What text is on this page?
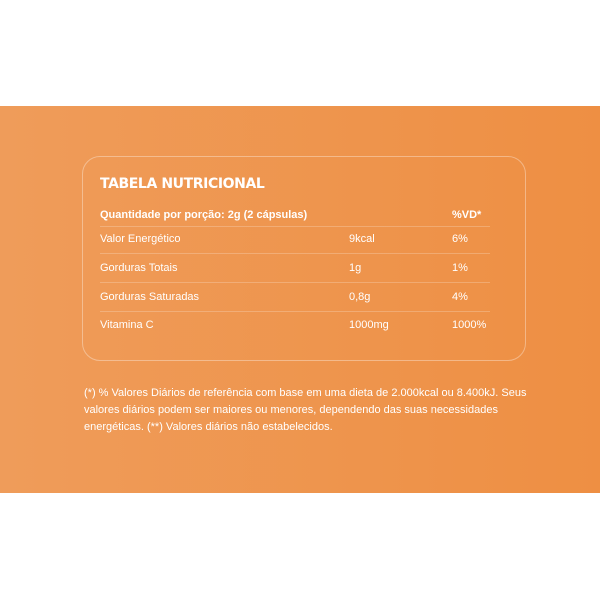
TABELA NUTRICIONAL
Quantidade por porção: 2g (2 cápsulas)	%VD*
Valor Energético	9kcal	6%
Gorduras Totais	1g	1%
Gorduras Saturadas	0,8g	4%
Vitamina C	1000mg	1000%

(*) % Valores Diários de referência com base em uma dieta de 2.000kcal ou 8.400kJ. Seus valores diários podem ser maiores ou menores, dependendo das suas necessidades energéticas. (**) Valores diários não estabelecidos.
